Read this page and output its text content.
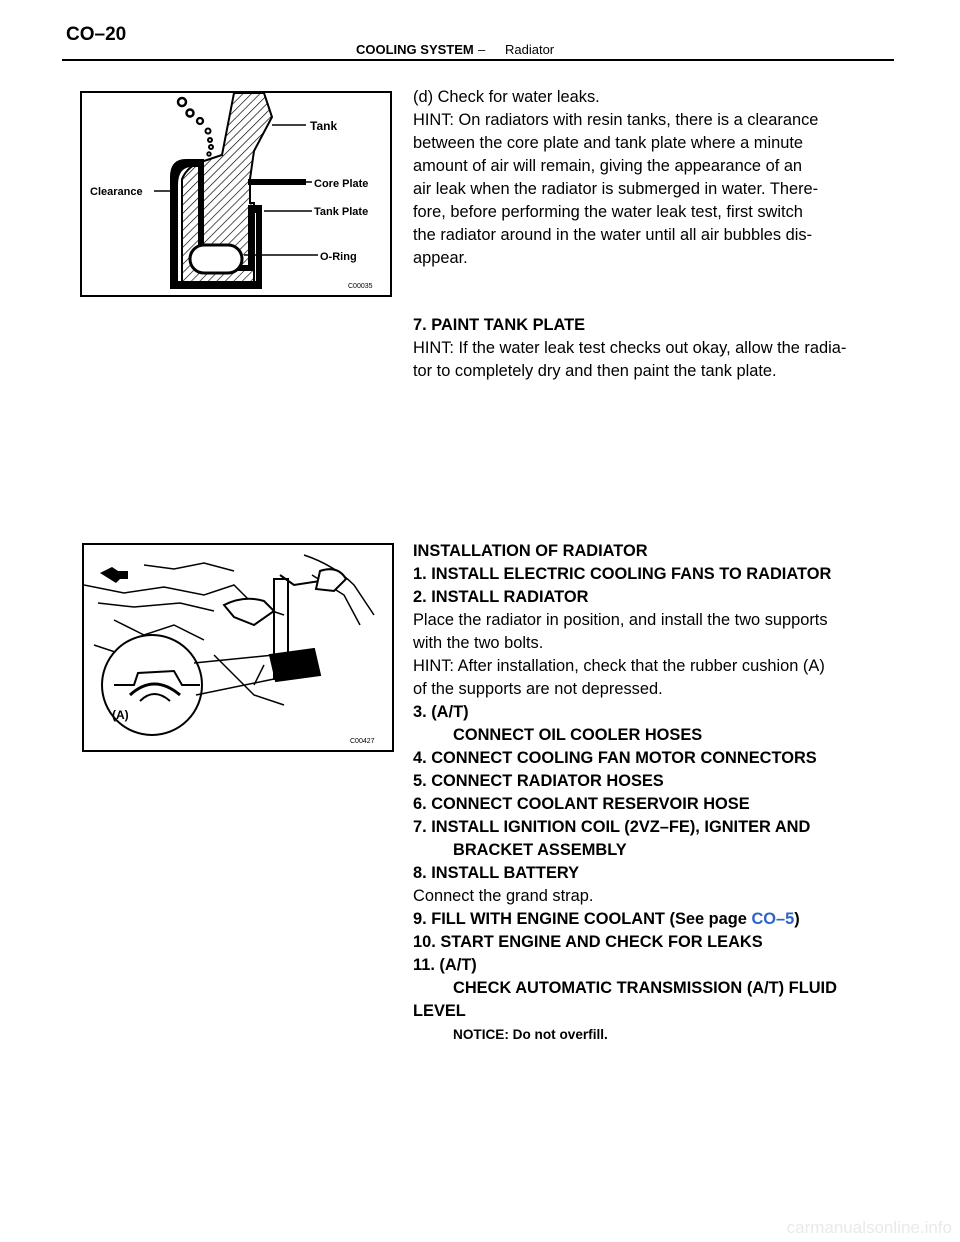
CO–20
COOLING SYSTEM – Radiator
Tank
Core Plate
Tank Plate
Clearance
O-Ring
C00035
(A)
C00427
(d) Check for water leaks.
HINT: On radiators with resin tanks, there is a clearance
between the core plate and tank plate where a minute
amount of air will remain, giving the appearance of an
air leak when the radiator is submerged in water. There-
fore, before performing the water leak test, first switch
the radiator around in the water until all air bubbles dis-
appear.
7. PAINT TANK PLATE
HINT: If the water leak test checks out okay, allow the radia-
tor to completely dry and then paint the tank plate.
INSTALLATION OF RADIATOR
1. INSTALL ELECTRIC COOLING FANS TO RADIATOR
2. INSTALL RADIATOR
Place the radiator in position, and install the two supports
with the two bolts.
HINT: After installation, check that the rubber cushion (A)
of the supports are not depressed.
3. (A/T)
CONNECT OIL COOLER HOSES
4. CONNECT COOLING FAN MOTOR CONNECTORS
5. CONNECT RADIATOR HOSES
6. CONNECT COOLANT RESERVOIR HOSE
7. INSTALL IGNITION COIL (2VZ–FE), IGNITER AND
BRACKET ASSEMBLY
8. INSTALL BATTERY
Connect the grand strap.
9. FILL WITH ENGINE COOLANT (See page CO–5)
10. START ENGINE AND CHECK FOR LEAKS
11. (A/T)
CHECK AUTOMATIC TRANSMISSION (A/T) FLUID
LEVEL
NOTICE: Do not overfill.
carmanualsonline.info
